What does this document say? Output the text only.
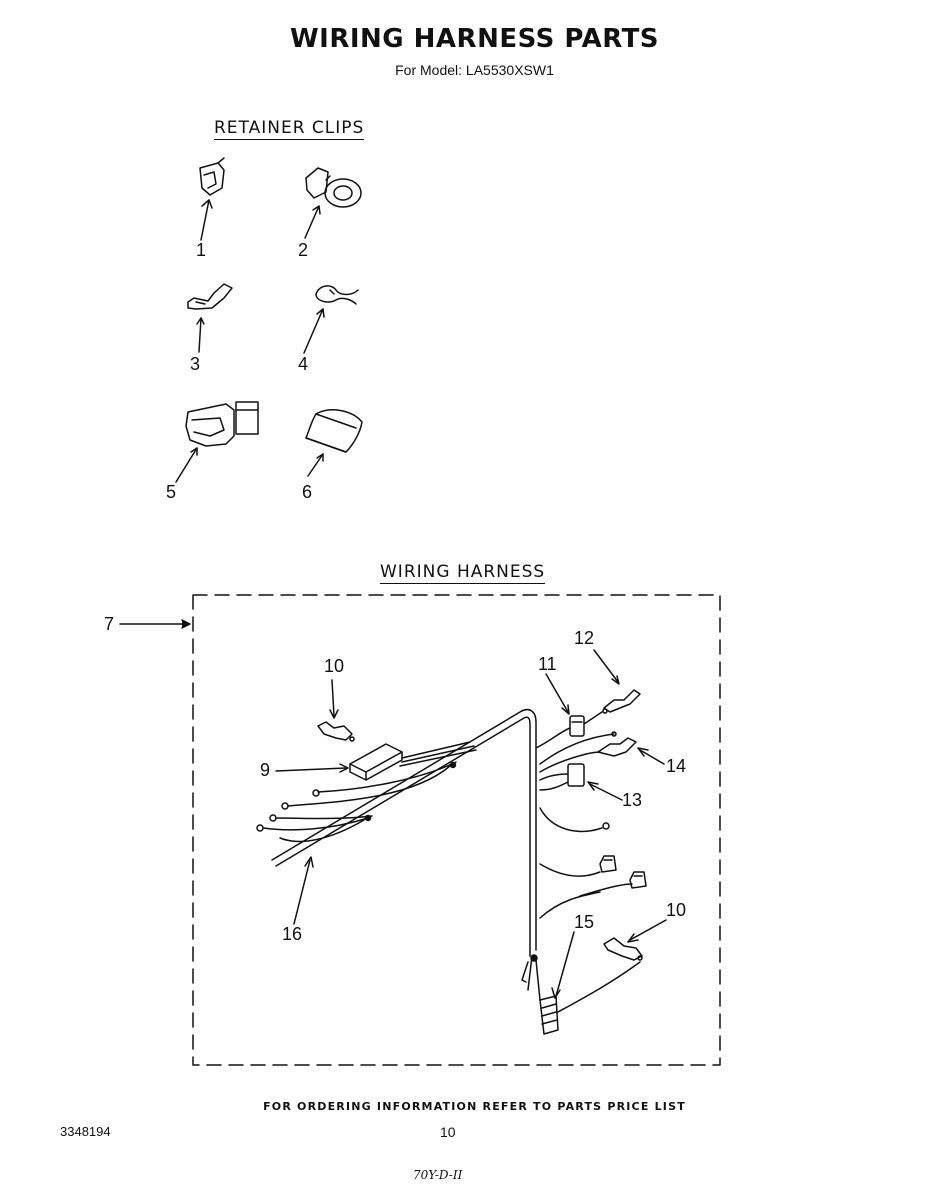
WIRING HARNESS PARTS
For Model: LA5530XSW1
RETAINER CLIPS
WIRING HARNESS
1	2
3	4
5	6
7
9
10
10
11
12
13
14
15
16
FOR ORDERING INFORMATION REFER TO PARTS PRICE LIST
3348194	10
70Y-D-II
